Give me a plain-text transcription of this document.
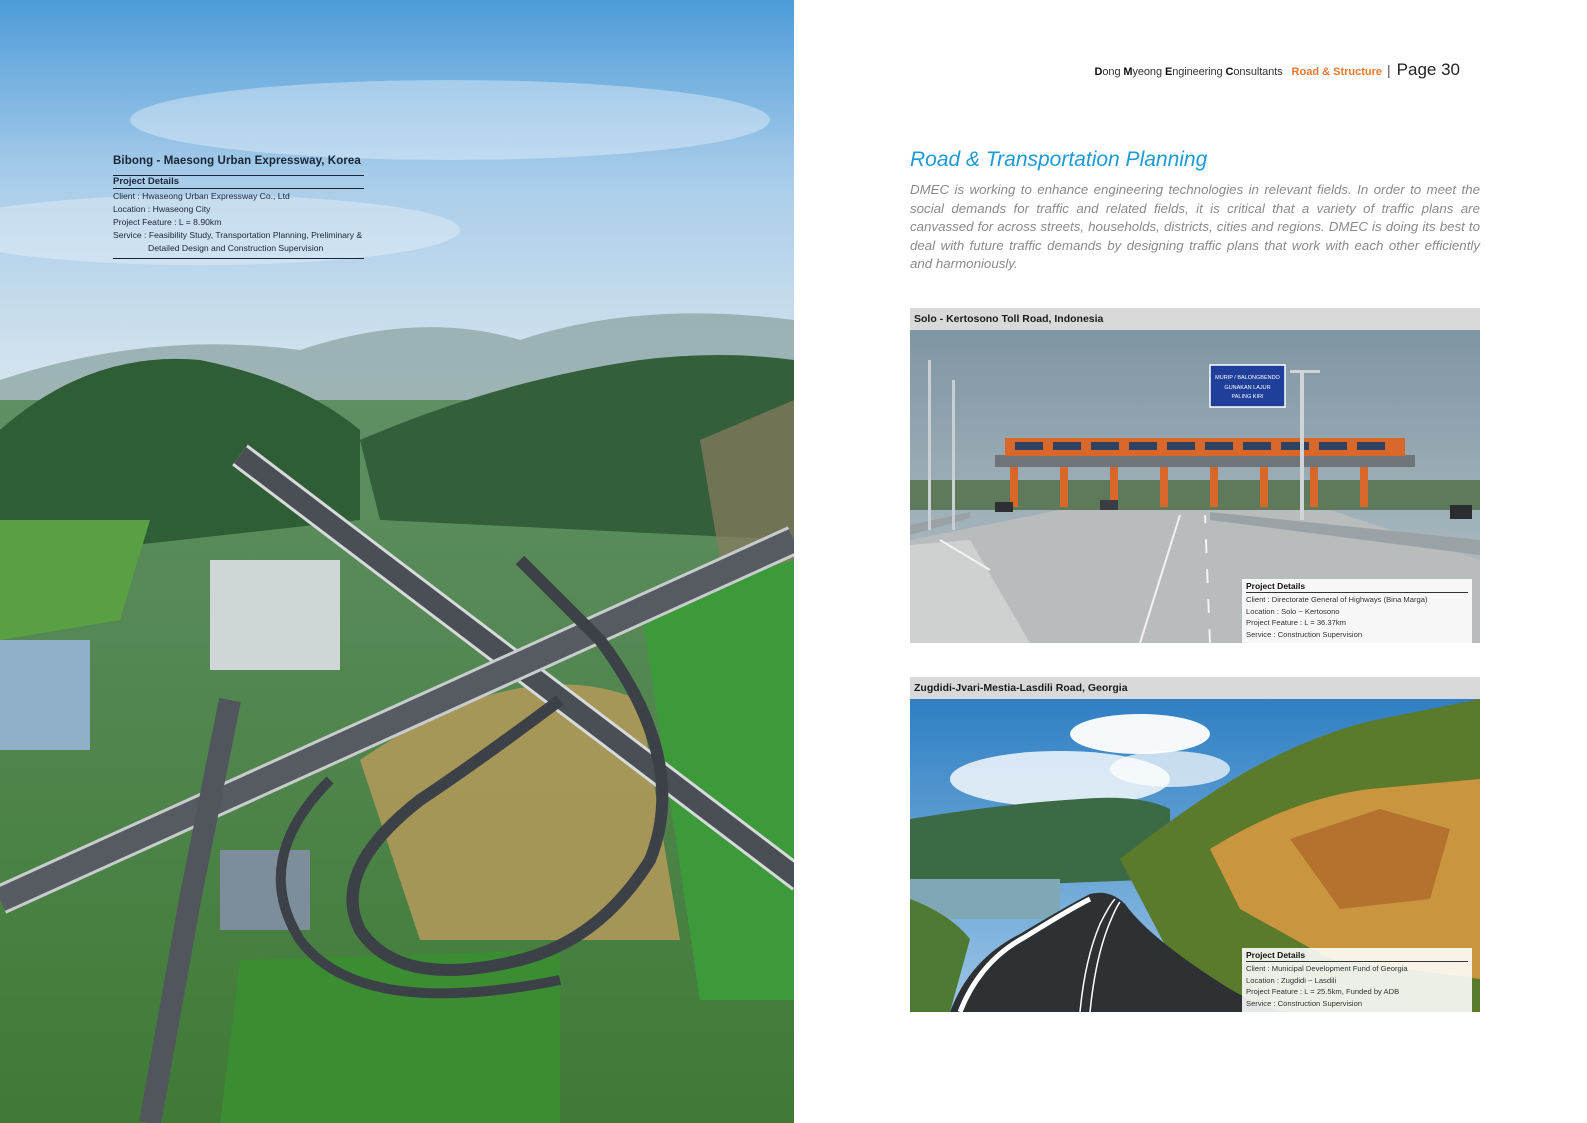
Bibong - Maesong Urban Expressway, Korea
Project Details
Client : Hwaseong Urban Expressway Co., Ltd
Location : Hwaseong City
Project Feature : L = 8.90km
Service : Feasibility Study, Transportation Planning, Preliminary &
Detailed Design and Construction Supervision
Dong Myeong Engineering Consultants Road & Structure | Page 30
Road & Transportation Planning
DMEC is working to enhance engineering technologies in relevant fields. In order to meet the social demands for traffic and related fields, it is critical that a variety of traffic plans are canvassed for across streets, households, districts, cities and regions. DMEC is doing its best to deal with future traffic demands by designing traffic plans that work with each other efficiently and harmoniously.
Solo - Kertosono Toll Road, Indonesia
MURIP / BALONGBENDO
GUNAKAN LAJUR
PALING KIRI
Project Details
Client : Directorate General of Highways (Bina Marga)
Location : Solo ~ Kertosono
Project Feature : L = 36.37km
Service : Construction Supervision
Zugdidi-Jvari-Mestia-Lasdili Road, Georgia
Project Details
Client : Municipal Development Fund of Georgia
Location : Zugdidi ~ Lasdili
Project Feature : L = 25.5km, Funded by ADB
Service : Construction Supervision
